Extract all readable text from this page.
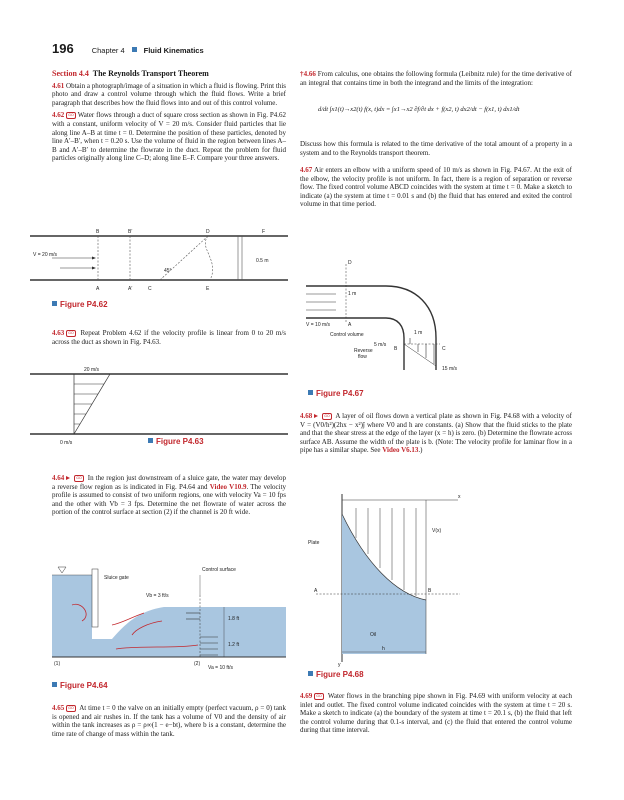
196 Chapter 4	Fluid Kinematics
Section 4.4 The Reynolds Transport Theorem

4.61 Obtain a photograph/image of a situation in which a fluid is flowing. Print this photo and draw a control volume through which the fluid flows. Write a brief paragraph that describes how the fluid flows into and out of this control volume.

4.62 GO Water flows through a duct of square cross section as shown in Fig. P4.62 with a constant, uniform velocity of V = 20 m/s. Consider fluid particles that lie along line A–B at time t = 0. Determine the position of these particles, denoted by line A′–B′, when t = 0.20 s. Use the volume of fluid in the region between lines A–B and A′–B′ to determine the flowrate in the duct. Repeat the problem for fluid particles originally along line C–D; along line E–F. Compare your three answers.

V = 20 m/s
B	B′	D	F
A	A′	C	E
45°
0.5 m
Figure P4.62

4.63 GO Repeat Problem 4.62 if the velocity profile is linear from 0 to 20 m/s across the duct as shown in Fig. P4.63.

20 m/s
0 m/s	Figure P4.63

4.64	GO In the region just downstream of a sluice gate, the water may develop a reverse flow region as is indicated in Fig. P4.64 and Video V10.9. The velocity profile is assumed to consist of two uniform regions, one with velocity Va = 10 fps and the other with Vb = 3 fps. Determine the net flowrate of water across the portion of the control surface at section (2) if the channel is 20 ft wide.

Control surface
Sluice gate
Vb = 3 ft/s
1.8 ft
1.2 ft
(1)	(2)
Va = 10 ft/s
Figure P4.64

4.65 GO At time t = 0 the valve on an initially empty (perfect vacuum, ρ = 0) tank is opened and air rushes in. If the tank has a volume of V0 and the density of air within the tank increases as ρ = ρ∞(1 − e−bt), where b is a constant, determine the time rate of change of mass within the tank.

†4.66 From calculus, one obtains the following formula (Leibnitz rule) for the time derivative of an integral that contains time in both the integrand and the limits of the integration:

d/dt ∫x1(t)→x2(t) f(x, t)dx = ∫x1→x2 ∂f/∂t dx + f(x2, t) dx2/dt − f(x1, t) dx1/dt

Discuss how this formula is related to the time derivative of the total amount of a property in a system and to the Reynolds transport theorem.

4.67 Air enters an elbow with a uniform speed of 10 m/s as shown in Fig. P4.67. At the exit of the elbow, the velocity profile is not uniform. In fact, there is a region of separation or reverse flow. The fixed control volume ABCD coincides with the system at time t = 0. Make a sketch to indicate (a) the system at time t = 0.01 s and (b) the fluid that has entered and exited the control volume in that time period.

D
1 m
V = 10 m/s	A
Control volume	1 m
5 m/s
Reverse
flow
B	C
15 m/s
Figure P4.67

4.68	GO A layer of oil flows down a vertical plate as shown in Fig. P4.68 with a velocity of V = (V0/h²)(2hx − x²)ĵ where V0 and h are constants. (a) Show that the fluid sticks to the plate and that the shear stress at the edge of the layer (x = h) is zero. (b) Determine the flowrate across surface AB. Assume the width of the plate is b. (Note: The velocity profile for laminar flow in a pipe has a similar shape. See Video V6.13.)

x
V(x)
Plate
A	B
Oil
h
y
Figure P4.68

4.69 GO Water flows in the branching pipe shown in Fig. P4.69 with uniform velocity at each inlet and outlet. The fixed control volume indicated coincides with the system at time t = 20 s. Make a sketch to indicate (a) the boundary of the system at time t = 20.1 s, (b) the fluid that left the control volume during that 0.1-s interval, and (c) the fluid that entered the control volume during that time interval.
